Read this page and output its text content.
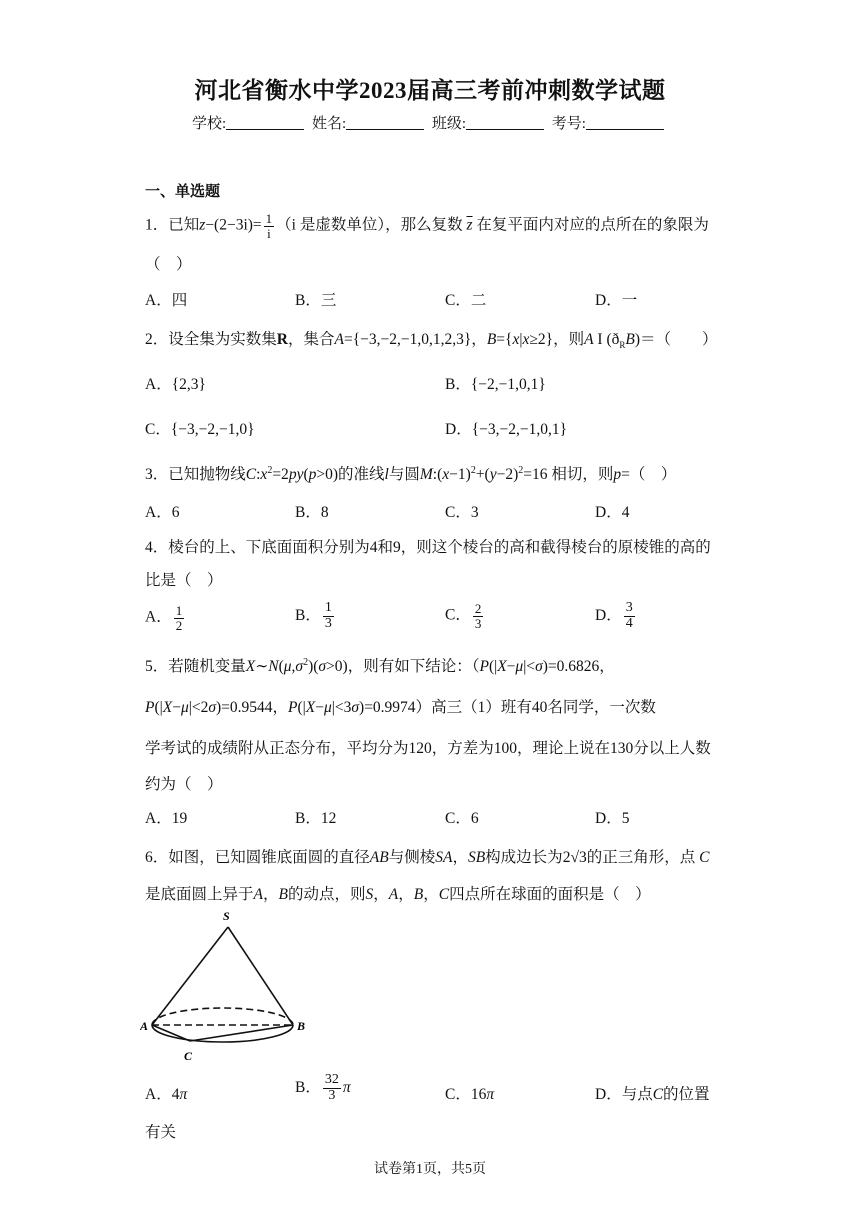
河北省衡水中学2023届高三考前冲刺数学试题
学校:	姓名:	班级:	考号:
一、单选题
1．已知$z-(2-3i)= \frac{1}{i} (i$ 是虚数单位），那么复数 $\overline{z}$ 在复平面内对应的点所在的象限为
（　）
A．四	B．三	C．二	D．一
2．设全集为实数集R，集合A={−3,−2,−1,0,1,2,3}，B={x|x≥2}，则A I $(ð_RB)=$（　　）
A．{2,3}	B．{−2,−1,0,1}
C．{−3,−2,−1,0}	D．{−3,−2,−1,0,1}
3．已知抛物线$C:x^2=2py(p>0)$的准线l与圆$M:(x-1)^2+(y-2)^2=16$ 相切，则p=（　）
A．6	B．8	C．3	D．4
4．棱台的上、下底面面积分别为4和9，则这个棱台的高和截得棱台的原棱锥的高的
比是（　）
A． $\frac{1}{2}$	B． $\frac{1}{3}$	C． $\frac{2}{3}$	D． $\frac{3}{4}$
5．若随机变量$X\sim N(\mu,\sigma^2)(\sigma>0)$，则有如下结论：（P(|X−μ|<σ)=0.6826，
P(|X−μ|<2σ)=0.9544，P(|X−μ|<3σ)=0.9974）高三（1）班有40名同学，一次数
学考试的成绩附从正态分布，平均分为120，方差为100，理论上说在130分以上人数
约为（　）
A．19	B．12	C．6	D．5
6．如图，已知圆锥底面圆的直径AB与侧棱SA，SB构成边长为2√3的正三角形，点 C
是底面圆上异于A，B的动点，则S，A，B，C四点所在球面的面积是（　）
S
A	B
C
A．4π	B． $\frac{32}{3}$ π	C．16π	D．与点C的位置
有关
试卷第1页，共5页
